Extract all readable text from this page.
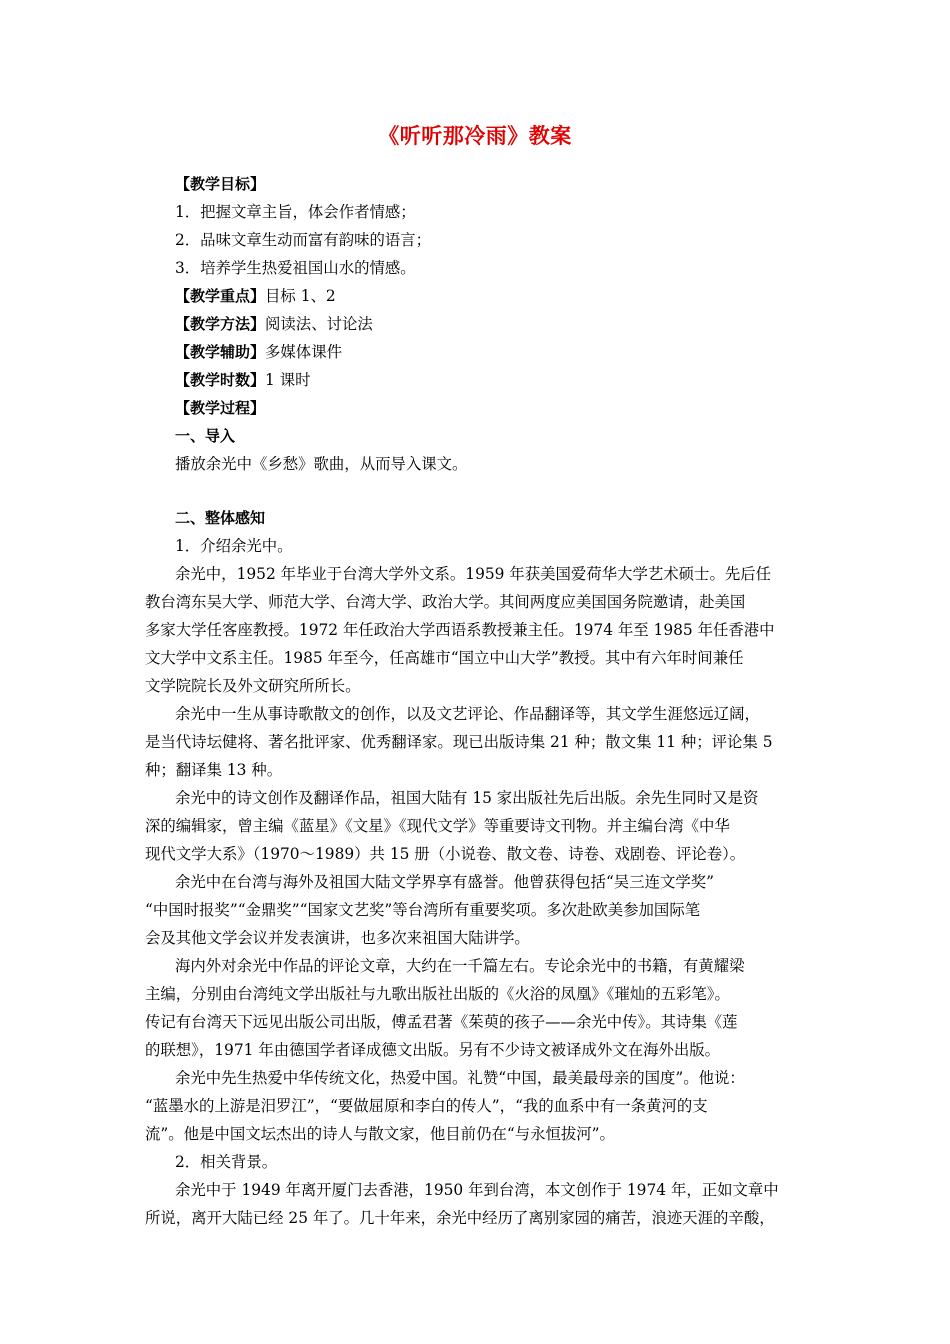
《听听那冷雨》教案
【教学目标】
1．把握文章主旨，体会作者情感；
2．品味文章生动而富有韵味的语言；
3．培养学生热爱祖国山水的情感。
【教学重点】目标 1、2
【教学方法】阅读法、讨论法
【教学辅助】多媒体课件
【教学时数】1 课时
【教学过程】
一、导入
播放余光中《乡愁》歌曲，从而导入课文。
二、整体感知
1．介绍余光中。
余光中，1952 年毕业于台湾大学外文系。1959 年获美国爱荷华大学艺术硕士。先后任
教台湾东吴大学、师范大学、台湾大学、政治大学。其间两度应美国国务院邀请，赴美国
多家大学任客座教授。1972 年任政治大学西语系教授兼主任。1974 年至 1985 年任香港中
文大学中文系主任。1985 年至今，任高雄市“国立中山大学”教授。其中有六年时间兼任
文学院院长及外文研究所所长。
余光中一生从事诗歌散文的创作，以及文艺评论、作品翻译等，其文学生涯悠远辽阔，
是当代诗坛健将、著名批评家、优秀翻译家。现已出版诗集 21 种；散文集 11 种；评论集 5
种；翻译集 13 种。
余光中的诗文创作及翻译作品，祖国大陆有 15 家出版社先后出版。余先生同时又是资
深的编辑家，曾主编《蓝星》《文星》《现代文学》等重要诗文刊物。并主编台湾《中华
现代文学大系》（1970～1989）共 15 册（小说卷、散文卷、诗卷、戏剧卷、评论卷）。
余光中在台湾与海外及祖国大陆文学界享有盛誉。他曾获得包括“吴三连文学奖”
“中国时报奖”“金鼎奖”“国家文艺奖”等台湾所有重要奖项。多次赴欧美参加国际笔
会及其他文学会议并发表演讲，也多次来祖国大陆讲学。
海内外对余光中作品的评论文章，大约在一千篇左右。专论余光中的书籍，有黄耀梁
主编，分别由台湾纯文学出版社与九歌出版社出版的《火浴的凤凰》《璀灿的五彩笔》。
传记有台湾天下远见出版公司出版，傅孟君著《茱萸的孩子——余光中传》。其诗集《莲
的联想》，1971 年由德国学者译成德文出版。另有不少诗文被译成外文在海外出版。
余光中先生热爱中华传统文化，热爱中国。礼赞“中国，最美最母亲的国度”。他说：
“蓝墨水的上游是汨罗江”，“要做屈原和李白的传人”，“我的血系中有一条黄河的支
流”。他是中国文坛杰出的诗人与散文家，他目前仍在“与永恒拔河”。
2．相关背景。
余光中于 1949 年离开厦门去香港，1950 年到台湾，本文创作于 1974 年，正如文章中
所说，离开大陆已经 25 年了。几十年来，余光中经历了离别家园的痛苦，浪迹天涯的辛酸，
